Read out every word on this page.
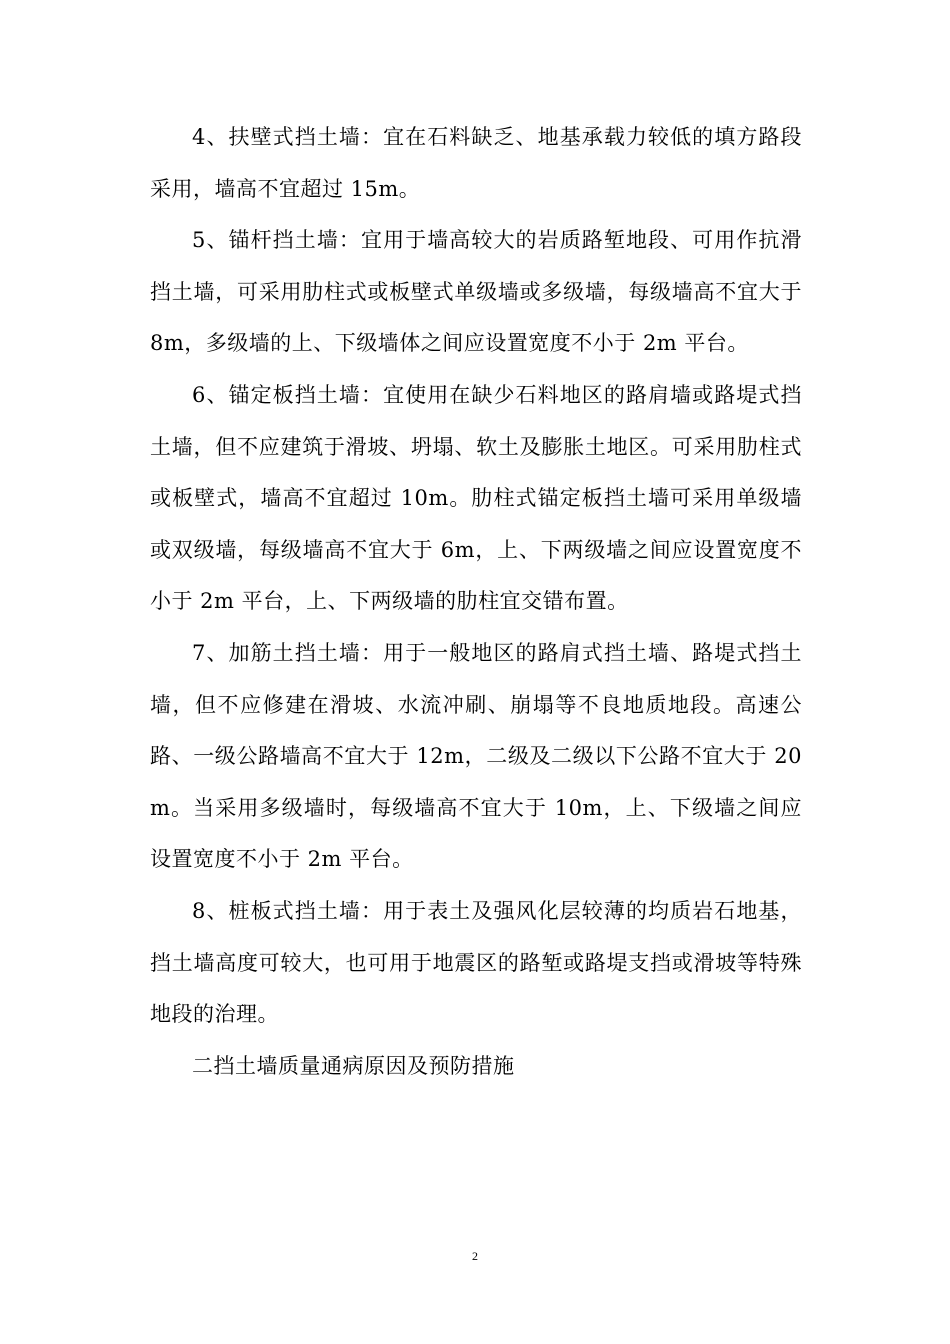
4、扶壁式挡土墙：宜在石料缺乏、地基承载力较低的填方路段采用，墙高不宜超过 15m。

5、锚杆挡土墙：宜用于墙高较大的岩质路堑地段、可用作抗滑挡土墙，可采用肋柱式或板壁式单级墙或多级墙，每级墙高不宜大于 8m，多级墙的上、下级墙体之间应设置宽度不小于 2m 平台。

6、锚定板挡土墙：宜使用在缺少石料地区的路肩墙或路堤式挡土墙，但不应建筑于滑坡、坍塌、软土及膨胀土地区。可采用肋柱式或板壁式，墙高不宜超过 10m。肋柱式锚定板挡土墙可采用单级墙或双级墙，每级墙高不宜大于 6m，上、下两级墙之间应设置宽度不小于 2m 平台，上、下两级墙的肋柱宜交错布置。

7、加筋土挡土墙：用于一般地区的路肩式挡土墙、路堤式挡土墙，但不应修建在滑坡、水流冲刷、崩塌等不良地质地段。高速公路、一级公路墙高不宜大于 12m，二级及二级以下公路不宜大于 20m。当采用多级墙时，每级墙高不宜大于 10m，上、下级墙之间应设置宽度不小于 2m 平台。

8、桩板式挡土墙：用于表土及强风化层较薄的均质岩石地基，挡土墙高度可较大，也可用于地震区的路堑或路堤支挡或滑坡等特殊地段的治理。

二挡土墙质量通病原因及预防措施

2
